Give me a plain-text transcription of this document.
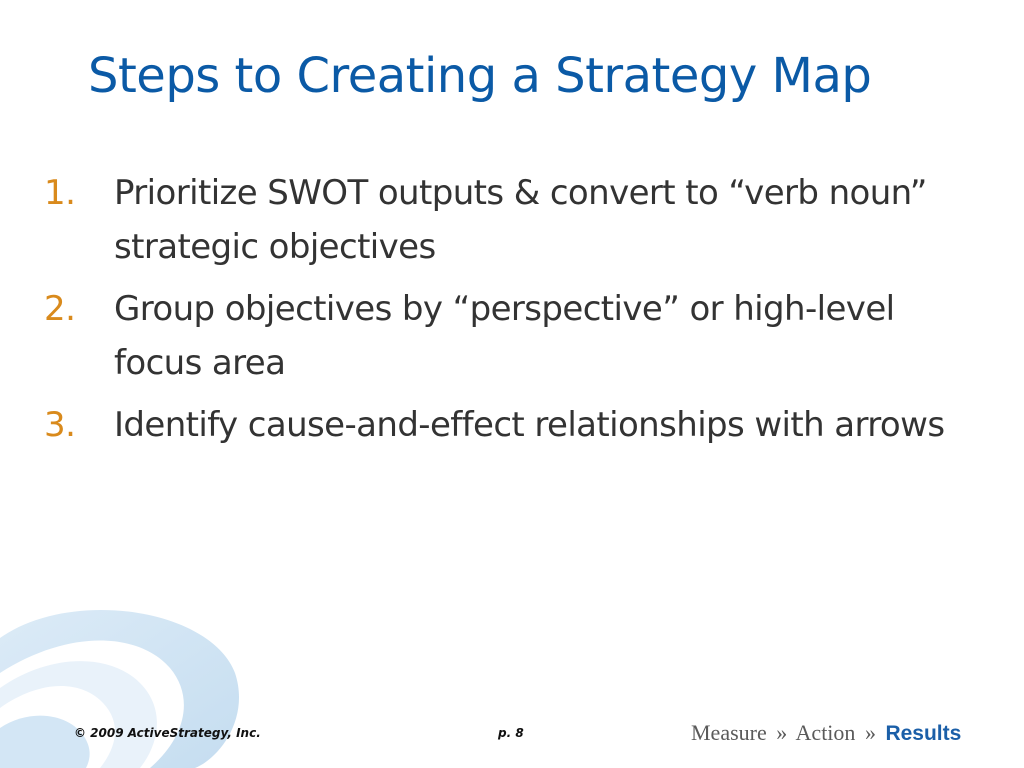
Steps to Creating a Strategy Map
1.	Prioritize SWOT outputs & convert to “verb noun” strategic objectives
2.	Group objectives by “perspective” or high-level focus area
3.	Identify cause-and-effect relationships with arrows
© 2009 ActiveStrategy, Inc.	p. 8	Measure » Action » Results
